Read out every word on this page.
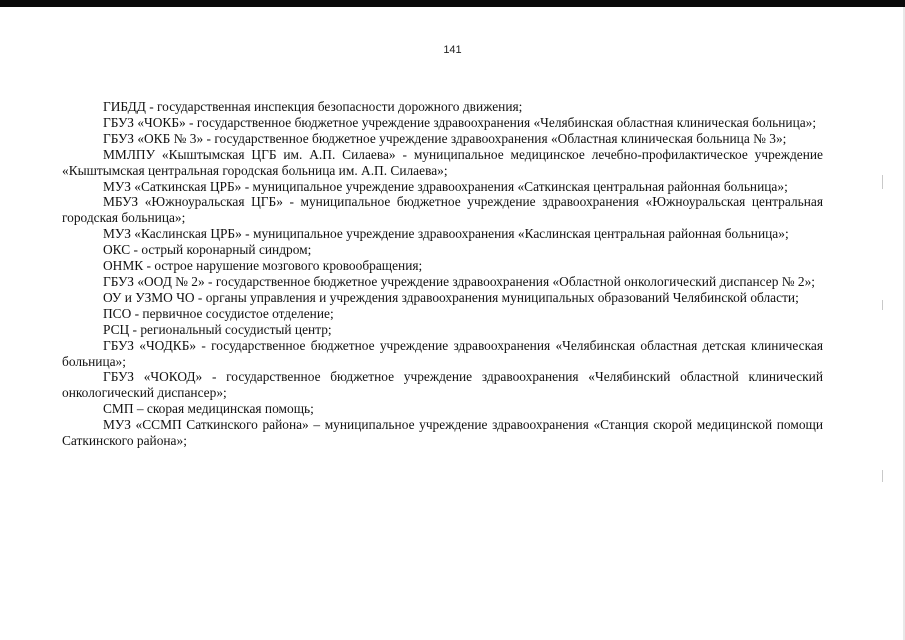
141

ГИБДД - государственная инспекция безопасности дорожного движения;

ГБУЗ «ЧОКБ» - государственное бюджетное учреждение здравоохранения «Челябинская областная клиническая больница»;

ГБУЗ «ОКБ № 3» - государственное бюджетное учреждение здравоохранения «Областная клиническая больница № 3»;

ММЛПУ «Кыштымская ЦГБ им. А.П. Силаева» - муниципальное медицинское лечебно-профилактическое учреждение «Кыштымская центральная городская больница им. А.П. Силаева»;

МУЗ «Саткинская ЦРБ» - муниципальное учреждение здравоохранения «Саткинская центральная районная больница»;

МБУЗ «Южноуральская ЦГБ» - муниципальное бюджетное учреждение здравоохранения «Южноуральская центральная городская больница»;

МУЗ «Каслинская ЦРБ» - муниципальное учреждение здравоохранения «Каслинская центральная районная больница»;

ОКС - острый коронарный синдром;

ОНМК - острое нарушение мозгового кровообращения;

ГБУЗ «ООД № 2» - государственное бюджетное учреждение здравоохранения «Областной онкологический диспансер № 2»;

ОУ и УЗМО ЧО - органы управления и учреждения здравоохранения муниципальных образований Челябинской области;

ПСО - первичное сосудистое отделение;

РСЦ - региональный сосудистый центр;

ГБУЗ «ЧОДКБ» - государственное бюджетное учреждение здравоохранения «Челябинская областная детская клиническая больница»;

ГБУЗ «ЧОКОД» - государственное бюджетное учреждение здравоохранения «Челябинский областной клинический онкологический диспансер»;

СМП – скорая медицинская помощь;

МУЗ «ССМП Саткинского района» – муниципальное учреждение здравоохранения «Станция скорой медицинской помощи Саткинского района»;
